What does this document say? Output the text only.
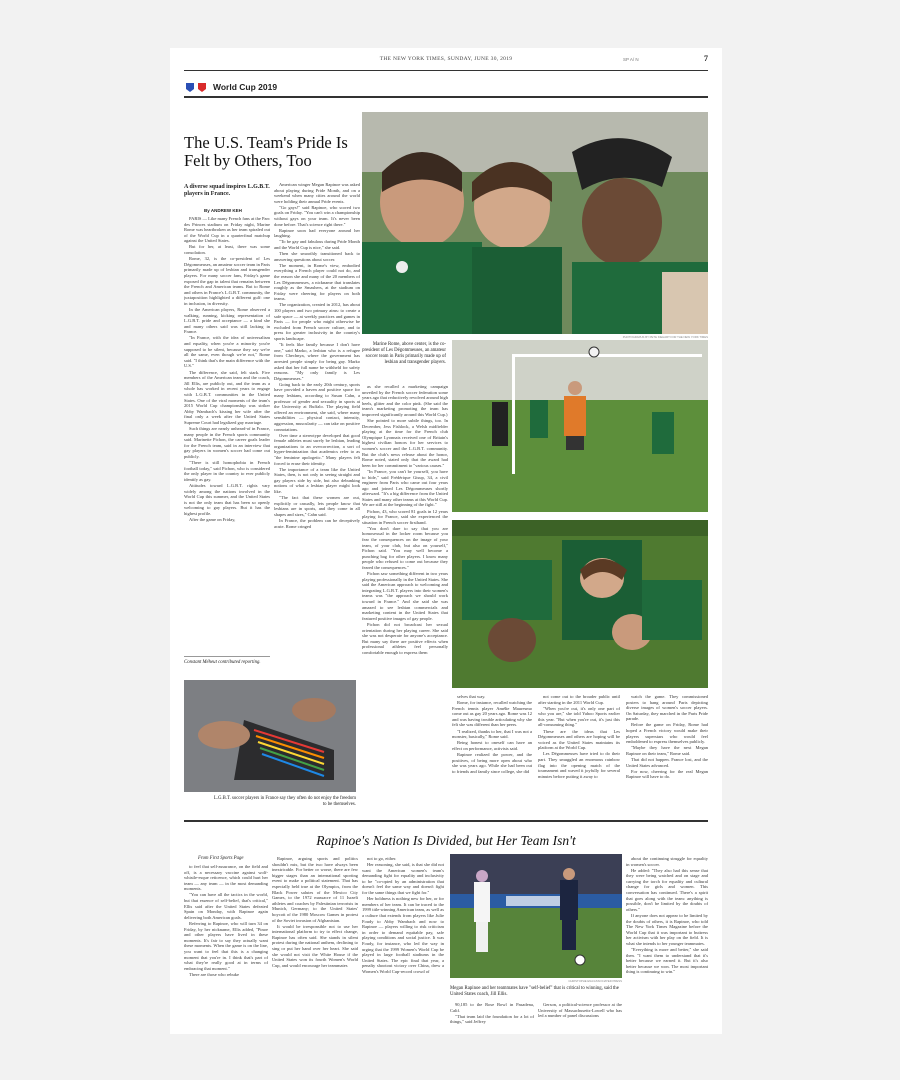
THE NEW YORK TIMES, SUNDAY, JUNE 30, 2019	SP A/ N	7
World Cup 2019
The U.S. Team's Pride Is Felt by Others, Too
A diverse squad inspires L.G.B.T. players in France.
By ANDREW KEH

PARIS — Like many French fans at the Parc des Princes stadium on Friday night, Marine Rome was heartbroken as her team spiraled out of the World Cup in a quarterfinal matchup against the United States.

But for her, at least, there was some consolation.

Rome, 32, is the co-president of Les Dégommeuses, an amateur soccer team in Paris primarily made up of lesbian and transgender players. For many soccer fans, Friday's game exposed the gap in talent that remains between the French and American teams. But to Rome and others in France's L.G.B.T. community, the juxtaposition highlighted a different gulf: one in inclusion, in diversity.

In the American players, Rome observed a walking, running, kicking representation of L.G.B.T. pride and acceptance — a kind she and many others said was still lacking in France.

"In France, with the idea of universalism and equality, when you're a minority you're supposed to be silent, because they say we're all the same, even though we're not," Rome said. "I think that's the main difference with the U.S."

The difference, she said, felt stark. Five members of the American team and the coach, Jill Ellis, are publicly out, and the team as a whole has worked in recent years to engage with L.G.B.T. communities in the United States. One of the viral moments of the team's 2015 World Cup championship was striker Abby Wambach's kissing her wife after the final only a week after the United States Supreme Court had legalized gay marriage.

Such things are nearly unheard-of in France, many people in the French sports community said. Marinette Pichon, the career goals leader for the French team, said in an interview that gay players in women's soccer had come out publicly.

"There is still homophobia in French football today," said Pichon, who is considered the only player in the country to ever publicly identify as gay.

Attitudes toward L.G.B.T. rights vary widely among the nations involved in the World Cup this summer, and the United States is not the only team that has been so openly welcoming to gay players. But it has the highest profile.

After the game on Friday,

Constant Méheut contributed reporting.

American winger Megan Rapinoe was asked about playing during Pride Month, and on a weekend when many cities around the world were holding their annual Pride events.

"Go gays!" said Rapinoe, who scored two goals on Friday. "You can't win a championship without gays on your team. It's never been done before. That's science right there."

Rapinoe soon had everyone around her laughing.

"To be gay and fabulous during Pride Month and the World Cup is nice," she said.

Then she smoothly transitioned back to answering questions about soccer.

The moment, in Rome's view, embodied everything a French player could not do, and the reason she and many of the 20 members of Les Dégommeuses, a nickname that translates roughly as the Smashers, at the stadium on Friday were cheering for players on both teams.

The organization, created in 2012, has about 100 players and two primary aims: to create a safe space — at weekly practices and games in Paris — for people who might otherwise be excluded from French soccer culture, and to press for greater inclusivity in the country's sports landscape.

"It feels like family because I don't have one," said Marko, a lesbian who is a refugee from Chechnya, where the government has arrested people simply for being gay. Marko asked that her full name be withheld for safety reasons. "My only family is Les Dégommeuses."

Going back to the early 20th century, sports have provided a haven and positive space for many lesbians, according to Susan Cahn, a professor of gender and sexuality in sports at the University at Buffalo. The playing field offered an environment, she said, where many sensibilities — physical contact, intensity, aggression, muscularity — can take on positive connotations.

Over time a stereotype developed that good female athletes must surely be lesbian, leading organizations to an overcorrection, a sort of hyper-feminization that academics refer to as "the feminine apologetic." Many players felt forced to erase their identity.

The importance of a team like the United States, then, is not only in seeing straight and gay players side by side, but also debunking notions of what a lesbian player might look like.

"The fact that these women are out, explicitly or casually, lets people know that lesbians are in sports, and they come in all shapes and sizes," Cahn said.

In France, the problem can be deceptively acute. Rome cringed

PHOTOGRAPHS BY PETE KIEHART FOR THE NEW YORK TIMES
Marine Rome, above center, is the co-president of Les Dégommeuses, an amateur soccer team in Paris primarily made up of lesbian and transgender players.

as she recalled a marketing campaign unveiled by the French soccer federation some years ago that reductively revolved around high heels, glitter and the color pink. (She said the team's marketing promoting the team has improved significantly around this World Cup.)

She pointed to more subtle things, too. In December, Jess Fishlock, a Welsh midfielder playing at the time for the French club Olympique Lyonnais received one of Britain's highest civilian honors for her services to women's soccer and the L.G.B.T. community. But the club's news release about the honor, Rome noted, stated only that the award had been for her commitment to "various causes."

"In France, you can't be yourself, you have to hide," said Frédérique Gisup, 34, a civil engineer from Paris who came out four years ago and joined Les Dégommeuses shortly afterward. "It's a big difference from the United States and many other teams at this World Cup. We are still at the beginning of the fight."

Pichon, 43, who scored 81 goals in 12 years playing for France, said she experienced the situation in French soccer firsthand.

"You don't dare to say that you are homosexual in the locker room because you fear the consequences on the image of your team, of your club, but also on yourself," Pichon said. "You may well become a punching bag for other players. I know many people who refused to come out because they feared the consequences."

Pichon saw something different in two years playing professionally in the United States. She said the American approach to welcoming and integrating L.G.B.T. players into their women's teams was "the approach we should work toward in France." And she said she was amazed to see lesbian commercials and marketing content in the United States that featured positive images of gay people.

Pichon did not broadcast her sexual orientation during her playing career. She said she was not desperate for anyone's acceptance. But many say there are positive effects when professional athletes feel personally comfortable enough to express them

selves that way.

Rome, for instance, recalled watching the French tennis player Amélie Mauresmo come out as gay 20 years ago. Rome was 12 and was having trouble articulating why she felt she was different than her peers.

"I realized, thanks to her, that I was not a monster, basically," Rome said.

Being honest to oneself can have an effect on performance, activists said.

Rapinoe realized the power, and the positives, of being more open about who she was years ago. While she had been out to friends and family since college, she did

not come out to the broader public until after starting in the 2011 World Cup.

"When you're out, it's only one part of who you are," she told Yahoo Sports earlier this year. "But when you're out, it's just this all-consuming thing."

These are the ideas that Les Dégommeuses and others are hoping will be voiced as the United States maintains its platform at the World Cup.

Les Dégommeuses have tried to do their part. They smuggled an enormous rainbow flag into the opening match of the tournament and waved it joyfully for several minutes before putting it away to

watch the game. They commissioned posters to hang around Paris depicting diverse images of women's soccer players. On Saturday, they marched in the Paris Pride parade.

Before the game on Friday, Rome had hoped a French victory would make their players superstars who would feel emboldened to express themselves publicly.

"Maybe they have the next Megan Rapinoe on their team," Rome said.

That did not happen. France lost, and the United States advanced.

For now, cheering for the real Megan Rapinoe will have to do.

L.G.B.T. soccer players in France say they often do not enjoy the freedom to be themselves.
Rapinoe's Nation Is Divided, but Her Team Isn't
From First Sports Page

to feel that self-assurance, on the field and off, is a necessary vaccine against wolf-whistle-esque reticence, which could hurt her team — any team — in the most demanding moments.

"You can have all the tactics in the world, but that essence of self-belief, that's critical," Ellis said after the United States defeated Spain on Monday, with Rapinoe again delivering both American goals.

Referring to Rapinoe, who will turn 34 on Friday, by her nickname, Ellis added, "Pinoe and other players have lived in these moments. It's fair to say they actually want these moments. When the game is on the line, you want to feel that this is a changing moment that you're in. I think that's part of what they're really good at in terms of embracing that moment."

There are those who rebuke

Rapinoe, arguing sports and politics shouldn't mix, but the two have always been inextricable. For better or worse, there are few bigger stages than an international sporting event to make a political statement. That has especially held true at the Olympics, from the Black Power salutes of the Mexico City Games, to the 1972 massacre of 11 Israeli athletes and coaches by Palestinian terrorists in Munich, Germany; to the United States' boycott of the 1980 Moscow Games in protest of the Soviet invasion of Afghanistan.

It would be irresponsible not to use her international platform to try to effect change, Rapinoe has often said. She stands in silent protest during the national anthem, declining to sing or put her hand over her heart. She said she would not visit the White House if the United States won its fourth Women's World Cup, and would encourage her teammates

not to go, either.

Her reasoning, she said, is that she did not want the American women's team's demanding fight for equality and inclusivity to be "co-opted by an administration that doesn't feel the same way and doesn't fight for the same things that we fight for."

Her boldness is nothing new for her, or for members of her team. It can be traced to the 1999 title-winning American team, as well as a culture that extends from players like Julie Foudy to Abby Wambach and now to Rapinoe — players willing to risk criticism in order to demand equitable pay, safe playing conditions and social justice. It was Foudy, for instance, who led the way in urging that the 1999 Women's World Cup be played in large football stadiums in the United States. The epic final that year, a penalty shootout victory over China, drew a Women's World Cup-record crowd of

CHRISTOPHE ENA/ASSOCIATED PRESS
Megan Rapinoe and her teammates have "self-belief" that is critical to winning, said the United States coach, Jill Ellis.

90,185 to the Rose Bowl in Pasadena, Calif.

"That team laid the foundation for a lot of things," said Jeffrey

Gerson, a political-science professor at the University of Massachusetts-Lowell who has led a number of panel discussions

about the continuing struggle for equality in women's soccer.

He added: "They also had this sense that they were being watched and on stage and carrying the torch for equality and cultural change for girls and women. This conversation has continued. There's a spirit that goes along with the team: anything is possible, don't be limited by the doubts of others."

If anyone does not appear to be limited by the doubts of others, it is Rapinoe, who told The New York Times Magazine before the World Cup that it was important to buttress her activism with her play on the field. It is what she intends to her younger teammates.

"Everything is more and better," she said then. "I want them to understand that it's better because we earned it. But it's also better because we won. The most important thing is continuing to win."
